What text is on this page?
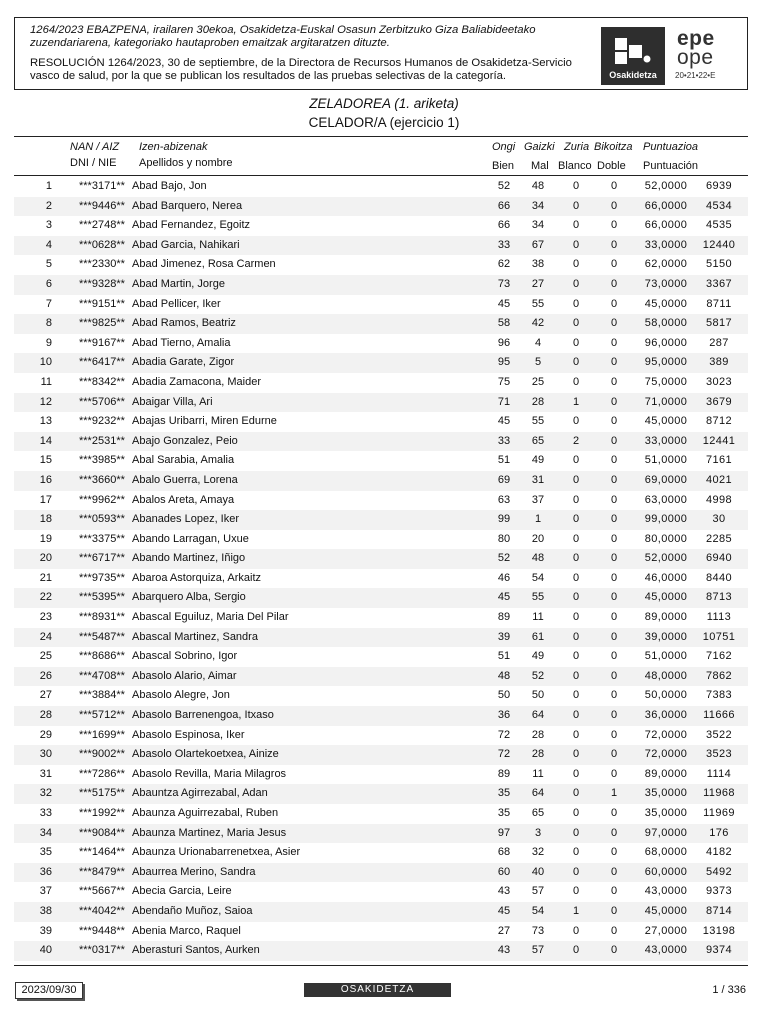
1264/2023 EBAZPENA, irailaren 30ekoa, Osakidetza-Euskal Osasun Zerbitzuko Giza Baliabideetako zuzendariarena, kategoriako hautaproben emaitzak argitaratzen dituzte.
RESOLUCIÓN 1264/2023, 30 de septiembre, de la Directora de Recursos Humanos de Osakidetza-Servicio vasco de salud, por la que se publican los resultados de las pruebas selectivas de la categoría.	Osakidetza
epe
ope
20•21•22•E
ZELADOREA (1. ariketa)
CELADOR/A (ejercicio 1)
NAN / AIZ
DNI / NIE
Izen-abizenak
Apellidos y nombre
Ongi
Bien
Gaizki
Mal
Zuria
Blanco
Bikoitza
Doble
Puntuazioa
Puntuación
1 ***3171** Abad Bajo, Jon	52	48	0	0	52,0000	6939
2 ***9446** Abad Barquero, Nerea	66	34	0	0	66,0000	4534
3 ***2748** Abad Fernandez, Egoitz	66	34	0	0	66,0000	4535
4 ***0628** Abad Garcia, Nahikari	33	67	0	0	33,0000	12440
5 ***2330** Abad Jimenez, Rosa Carmen	62	38	0	0	62,0000	5150
6 ***9328** Abad Martin, Jorge	73	27	0	0	73,0000	3367
7 ***9151** Abad Pellicer, Iker	45	55	0	0	45,0000	8711
8 ***9825** Abad Ramos, Beatriz	58	42	0	0	58,0000	5817
9 ***9167** Abad Tierno, Amalia	96	4	0	0	96,0000	287
10 ***6417** Abadia Garate, Zigor	95	5	0	0	95,0000	389
11 ***8342** Abadia Zamacona, Maider	75	25	0	0	75,0000	3023
12 ***5706** Abaigar Villa, Ari	71	28	1	0	71,0000	3679
13 ***9232** Abajas Uribarri, Miren Edurne	45	55	0	0	45,0000	8712
14 ***2531** Abajo Gonzalez, Peio	33	65	2	0	33,0000	12441
15 ***3985** Abal Sarabia, Amalia	51	49	0	0	51,0000	7161
16 ***3660** Abalo Guerra, Lorena	69	31	0	0	69,0000	4021
17 ***9962** Abalos Areta, Amaya	63	37	0	0	63,0000	4998
18 ***0593** Abanades Lopez, Iker	99	1	0	0	99,0000	30
19 ***3375** Abando Larragan, Uxue	80	20	0	0	80,0000	2285
20 ***6717** Abando Martinez, Iñigo	52	48	0	0	52,0000	6940
21 ***9735** Abaroa Astorquiza, Arkaitz	46	54	0	0	46,0000	8440
22 ***5395** Abarquero Alba, Sergio	45	55	0	0	45,0000	8713
23 ***8931** Abascal Eguiluz, Maria Del Pilar	89	11	0	0	89,0000	1113
24 ***5487** Abascal Martinez, Sandra	39	61	0	0	39,0000	10751
25 ***8686** Abascal Sobrino, Igor	51	49	0	0	51,0000	7162
26 ***4708** Abasolo Alario, Aimar	48	52	0	0	48,0000	7862
27 ***3884** Abasolo Alegre, Jon	50	50	0	0	50,0000	7383
28 ***5712** Abasolo Barrenengoa, Itxaso	36	64	0	0	36,0000	11666
29 ***1699** Abasolo Espinosa, Iker	72	28	0	0	72,0000	3522
30 ***9002** Abasolo Olartekoetxea, Ainize	72	28	0	0	72,0000	3523
31 ***7286** Abasolo Revilla, Maria Milagros	89	11	0	0	89,0000	1114
32 ***5175** Abauntza Agirrezabal, Adan	35	64	0	1	35,0000	11968
33 ***1992** Abaunza Aguirrezabal, Ruben	35	65	0	0	35,0000	11969
34 ***9084** Abaunza Martinez, Maria Jesus	97	3	0	0	97,0000	176
35 ***1464** Abaunza Urionabarrenetxea, Asier	68	32	0	0	68,0000	4182
36 ***8479** Abaurrea Merino, Sandra	60	40	0	0	60,0000	5492
37 ***5667** Abecia Garcia, Leire	43	57	0	0	43,0000	9373
38 ***4042** Abendaño Muñoz, Saioa	45	54	1	0	45,0000	8714
39 ***9448** Abenia Marco, Raquel	27	73	0	0	27,0000	13198
40 ***0317** Aberasturi Santos, Aurken	43	57	0	0	43,0000	9374
2023/09/30	OSAKIDETZA	1 / 336
